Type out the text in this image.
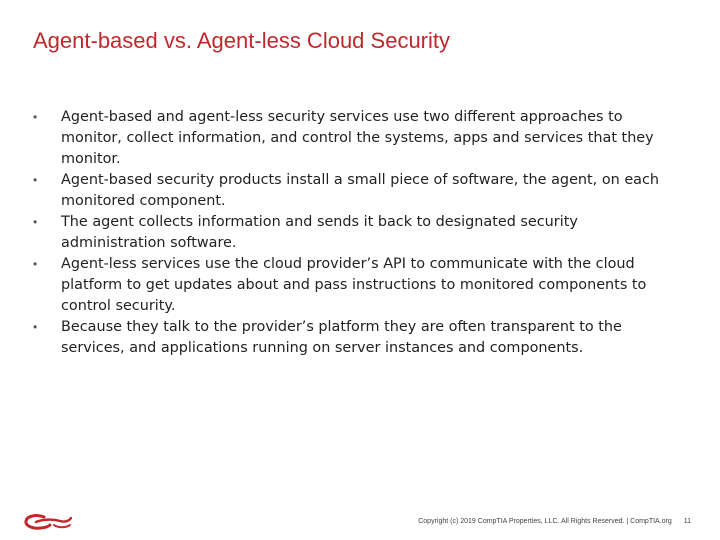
Agent-based vs. Agent-less Cloud Security
• Agent-based and agent-less security services use two different approaches to monitor, collect information, and control the systems, apps and services that they monitor.
• Agent-based security products install a small piece of software, the agent, on each monitored component.
• The agent collects information and sends it back to designated security administration software.
• Agent-less services use the cloud provider’s API to communicate with the cloud platform to get updates about and pass instructions to monitored components to control security.
• Because they talk to the provider’s platform they are often transparent to the services, and applications running on server instances and components.
Copyright (c) 2019 CompTIA Properties, LLC. All Rights Reserved. | CompTIA.org 11
